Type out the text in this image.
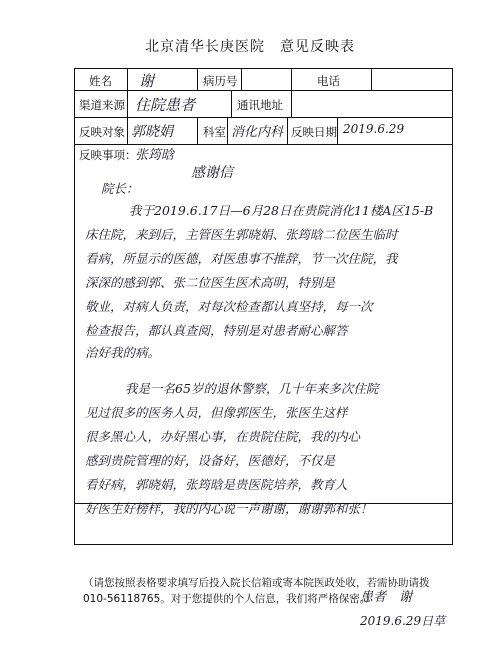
北京清华长庚医院　意见反映表
姓名 谢	病历号	电话
渠道来源 住院患者	通讯地址
反映对象 郭晓娟	科室 消化内科 反映日期 2019.6.29
反映事项：
张筠晗
感谢信
院长：
我于2019.6.17日—6月28日在贵院消化11楼A区15-B
床住院，来到后，主管医生郭晓娟、张筠晗二位医生临时
看病，所显示的医德，对医患事不推辞，节一次住院，我
深深的感到郭、张二位医生医术高明，特别是
敬业，对病人负责，对每次检查都认真坚持，每一次
检查报告，都认真查阅，特别是对患者耐心解答
治好我的病。
我是一名65岁的退休警察，几十年来多次住院
见过很多的医务人员，但像郭医生，张医生这样
很多黑心人，办好黑心事，在贵院住院，我的内心
感到贵院管理的好，设备好，医德好，不仅是
看好病，郭晓娟，张筠晗是贵医院培养，教育人
好医生好榜样，我的内心说一声谢谢，谢谢郭和张！
（请您按照表格要求填写后投入院长信箱或寄本院医政处收，若需协助请拨010-56118765。对于您提供的个人信息，我们将严格保密。）
患者　谢
2019.6.29日草
